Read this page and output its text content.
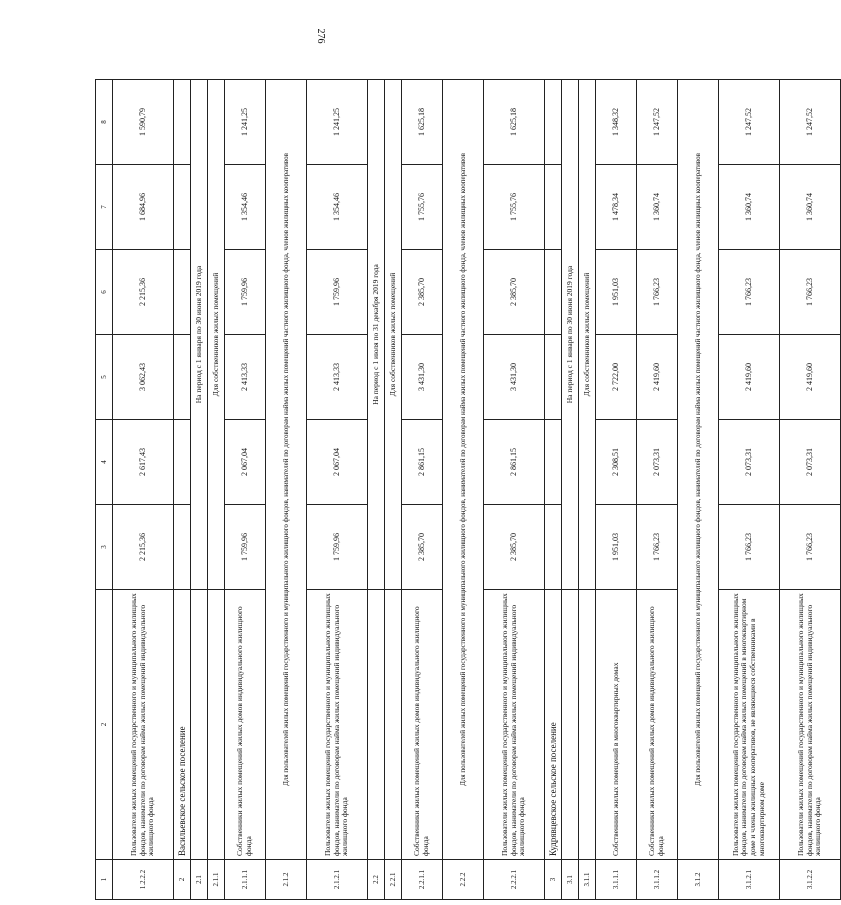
276
1	2	3	4	5	6	7	8
1.2.2.2	Пользователи жилых помещений государственного и муниципального жилищных фондов, наниматели по договорам найма жилых помещений индивидуального жилищного фонда	2 215,36	2 617,43	3 062,43	2 215,36	1 684,96	1 590,79
2	Васильевское сельское поселение						
2.1		На период с 1 января по 30 июня 2019 года					
2.1.1		Для собственников жилых помещений					
2.1.1.1	Собственники жилых помещений жилых домов индивидуального жилищного фонда	1 759,96	2 067,04	2 413,33	1 759,96	1 354,46	1 241,25
2.1.2	Для пользователей жилых помещений государственного и муниципального жилищного фондов, нанимателей по договорам найма жилых помещений частного жилищного фонда, членов жилищных кооперативов						
2.1.2.1	Пользователи жилых помещений государственного и муниципального жилищных фондов, наниматели по договорам найма жилых помещений индивидуального жилищного фонда	1 759,96	2 067,04	2 413,33	1 759,96	1 354,46	1 241,25
2.2		На период с 1 июля по 31 декабря 2019 года					
2.2.1		Для собственников жилых помещений					
2.2.1.1	Собственники жилых помещений жилых домов индивидуального жилищного фонда	2 385,70	2 861,15	3 431,30	2 385,70	1 755,76	1 625,18
2.2.2	Для пользователей жилых помещений государственного и муниципального жилищного фондов, нанимателей по договорам найма жилых помещений частного жилищного фонда, членов жилищных кооперативов						
2.2.2.1	Пользователи жилых помещений государственного и муниципального жилищных фондов, наниматели по договорам найма жилых помещений индивидуального жилищного фонда	2 385,70	2 861,15	3 431,30	2 385,70	1 755,76	1 625,18
3	Кудрявцевское сельское поселение						
3.1		На период с 1 января по 30 июня 2019 года					
3.1.1		Для собственников жилых помещений					
3.1.1.1	Собственники жилых помещений в многоквартирных домах	1 951,03	2 308,51	2 722,00	1 951,03	1 478,34	1 348,32
3.1.1.2	Собственники жилых помещений жилых домов индивидуального жилищного фонда	1 766,23	2 073,31	2 419,60	1 766,23	1 360,74	1 247,52
3.1.2	Для пользователей жилых помещений государственного и муниципального жилищного фондов, нанимателей по договорам найма жилых помещений частного жилищного фонда, членов жилищных кооперативов						
3.1.2.1	Пользователи жилых помещений государственного и муниципального жилищных фондов, наниматели по договорам найма жилых помещений в многоквартирном доме и члены жилищных кооперативов, не являющиеся собственниками в многоквартирном доме	1 766,23	2 073,31	2 419,60	1 766,23	1 360,74	1 247,52
3.1.2.2	Пользователи жилых помещений государственного и муниципального жилищных фондов, наниматели по договорам найма жилых помещений индивидуального жилищного фонда	1 766,23	2 073,31	2 419,60	1 766,23	1 360,74	1 247,52
